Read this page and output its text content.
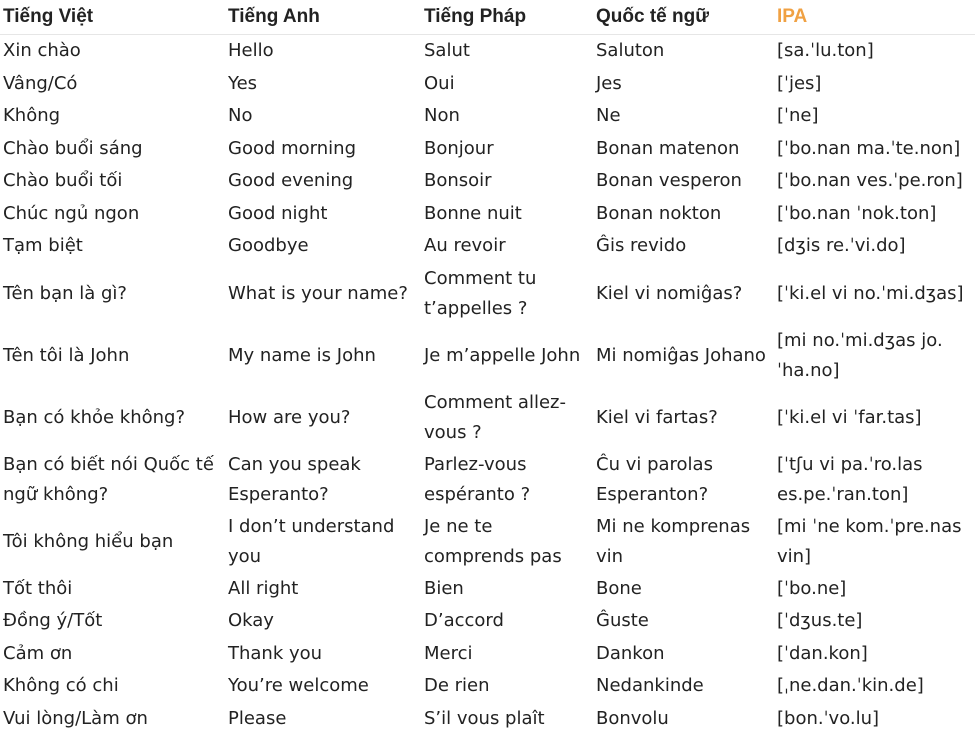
Tiếng Việt	Tiếng Anh	Tiếng Pháp	Quốc tế ngữ	IPA
Xin chào	Hello	Salut	Saluton	[sa.ˈlu.ton]
Vâng/Có	Yes	Oui	Jes	[ˈjes]
Không	No	Non	Ne	[ˈne]
Chào buổi sáng	Good morning	Bonjour	Bonan matenon	[ˈbo.nan ma.ˈte.non]
Chào buổi tối	Good evening	Bonsoir	Bonan vesperon	[ˈbo.nan ves.ˈpe.ron]
Chúc ngủ ngon	Good night	Bonne nuit	Bonan nokton	[ˈbo.nan ˈnok.ton]
Tạm biệt	Goodbye	Au revoir	Ĝis revido	[dʒis re.ˈvi.do]
Tên bạn là gì?	What is your name?	Comment tu t’appelles ?	Kiel vi nomiĝas?	[ˈki.el vi no.ˈmi.dʒas]
Tên tôi là John	My name is John	Je m’appelle John	Mi nomiĝas Johano	[mi no.ˈmi.dʒas jo.ˈha.no]
Bạn có khỏe không?	How are you?	Comment allez-vous ?	Kiel vi fartas?	[ˈki.el vi ˈfar.tas]
Bạn có biết nói Quốc tế ngữ không?	Can you speak Esperanto?	Parlez-vous espéranto ?	Ĉu vi parolas Esperanton?	[ˈtʃu vi pa.ˈro.las es.pe.ˈran.ton]
Tôi không hiểu bạn	I don’t understand you	Je ne te comprends pas	Mi ne komprenas vin	[mi ˈne kom.ˈpre.nas vin]
Tốt thôi	All right	Bien	Bone	[ˈbo.ne]
Đồng ý/Tốt	Okay	D’accord	Ĝuste	[ˈdʒus.te]
Cảm ơn	Thank you	Merci	Dankon	[ˈdan.kon]
Không có chi	You’re welcome	De rien	Nedankinde	[ˌne.dan.ˈkin.de]
Vui lòng/Làm ơn	Please	S’il vous plaît	Bonvolu	[bon.ˈvo.lu]
